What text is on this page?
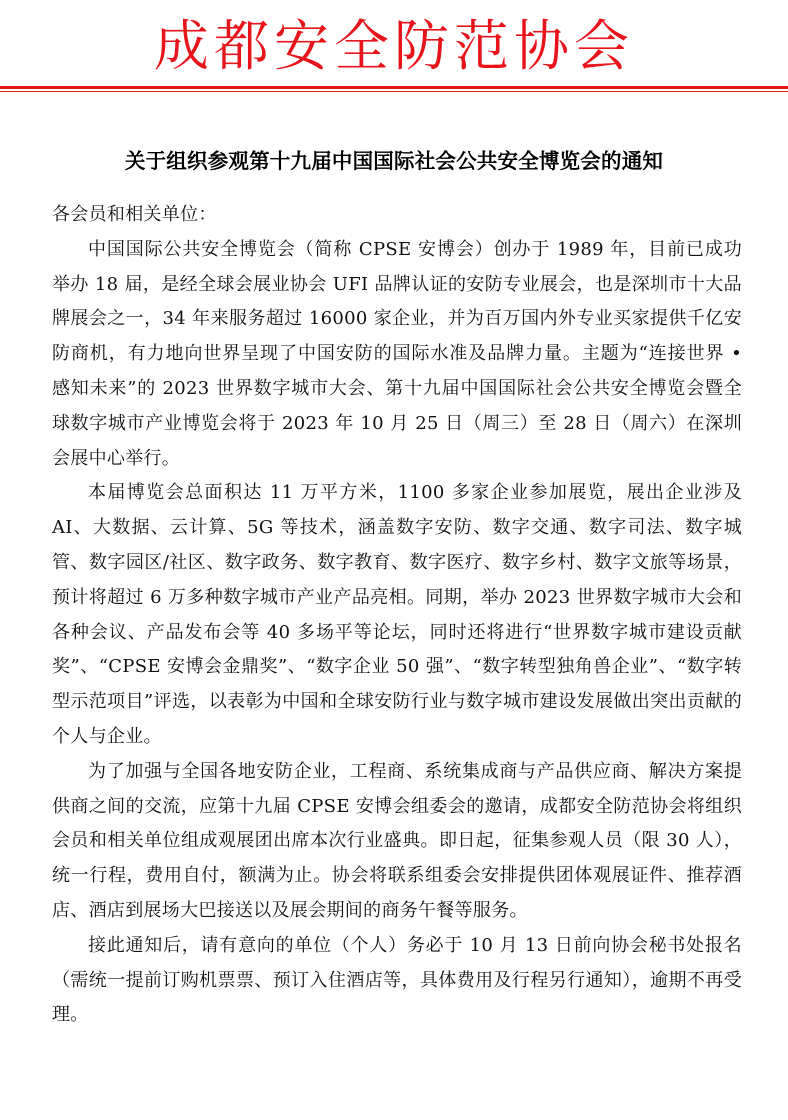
成都安全防范协会
关于组织参观第十九届中国国际社会公共安全博览会的通知

各会员和相关单位：

中国国际公共安全博览会（简称 CPSE 安博会）创办于 1989 年，目前已成功举办 18 届，是经全球会展业协会 UFI 品牌认证的安防专业展会，也是深圳市十大品牌展会之一，34 年来服务超过 16000 家企业，并为百万国内外专业买家提供千亿安防商机，有力地向世界呈现了中国安防的国际水准及品牌力量。主题为“连接世界 • 感知未来”的 2023 世界数字城市大会、第十九届中国国际社会公共安全博览会暨全球数字城市产业博览会将于 2023 年 10 月 25 日（周三）至 28 日（周六）在深圳会展中心举行。

本届博览会总面积达 11 万平方米，1100 多家企业参加展览，展出企业涉及 AI、大数据、云计算、5G 等技术，涵盖数字安防、数字交通、数字司法、数字城管、数字园区/社区、数字政务、数字教育、数字医疗、数字乡村、数字文旅等场景，预计将超过 6 万多种数字城市产业产品亮相。同期，举办 2023 世界数字城市大会和各种会议、产品发布会等 40 多场平等论坛，同时还将进行“世界数字城市建设贡献奖”、“CPSE 安博会金鼎奖”、“数字企业 50 强”、“数字转型独角兽企业”、“数字转型示范项目”评选，以表彰为中国和全球安防行业与数字城市建设发展做出突出贡献的个人与企业。

为了加强与全国各地安防企业，工程商、系统集成商与产品供应商、解决方案提供商之间的交流，应第十九届 CPSE 安博会组委会的邀请，成都安全防范协会将组织会员和相关单位组成观展团出席本次行业盛典。即日起，征集参观人员（限 30 人），统一行程，费用自付，额满为止。协会将联系组委会安排提供团体观展证件、推荐酒店、酒店到展场大巴接送以及展会期间的商务午餐等服务。

接此通知后，请有意向的单位（个人）务必于 10 月 13 日前向协会秘书处报名（需统一提前订购机票票、预订入住酒店等，具体费用及行程另行通知），逾期不再受理。
